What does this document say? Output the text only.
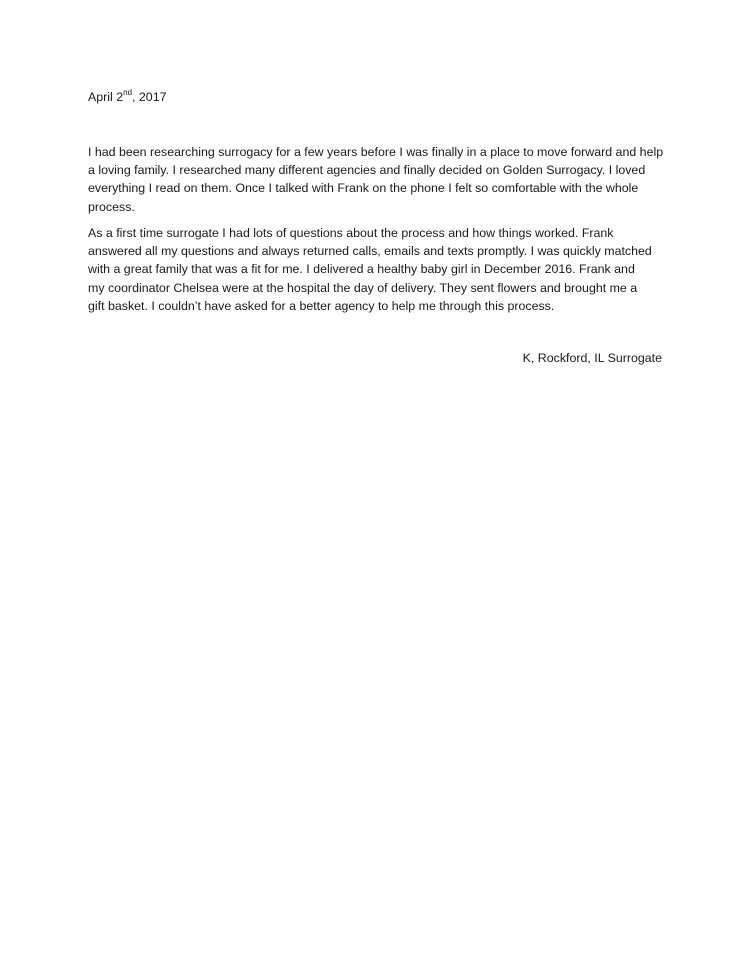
April 2nd, 2017

I had been researching surrogacy for a few years before I was finally in a place to move forward and help
a loving family. I researched many different agencies and finally decided on Golden Surrogacy. I loved
everything I read on them. Once I talked with Frank on the phone I felt so comfortable with the whole
process.

As a first time surrogate I had lots of questions about the process and how things worked. Frank
answered all my questions and always returned calls, emails and texts promptly. I was quickly matched
with a great family that was a fit for me. I delivered a healthy baby girl in December 2016. Frank and
my coordinator Chelsea were at the hospital the day of delivery. They sent flowers and brought me a
gift basket. I couldn’t have asked for a better agency to help me through this process.

K, Rockford, IL Surrogate
